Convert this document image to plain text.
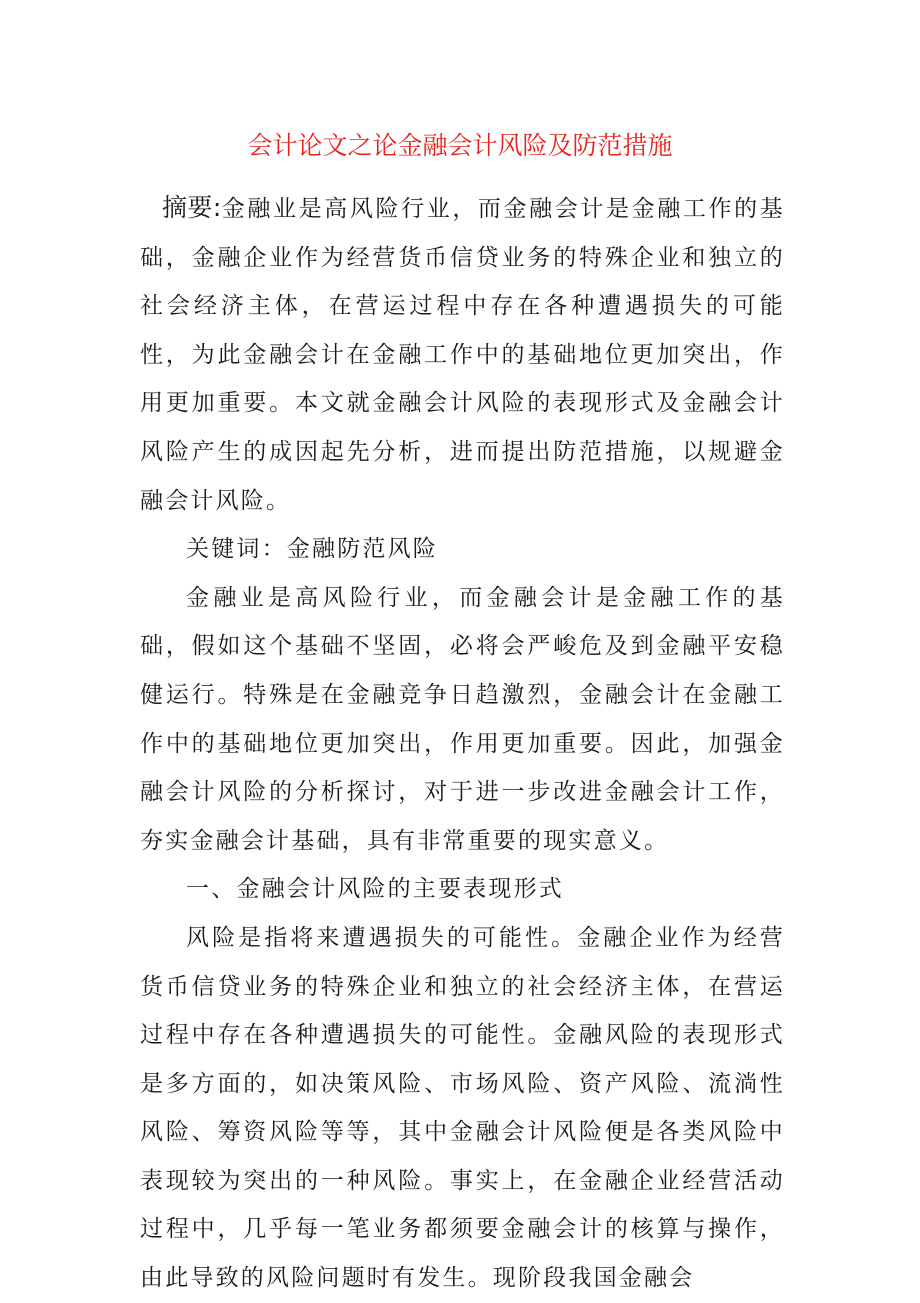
会计论文之论金融会计风险及防范措施

摘要:金融业是高风险行业，而金融会计是金融工作的基础，金融企业作为经营货币信贷业务的特殊企业和独立的社会经济主体，在营运过程中存在各种遭遇损失的可能性，为此金融会计在金融工作中的基础地位更加突出，作用更加重要。本文就金融会计风险的表现形式及金融会计风险产生的成因起先分析，进而提出防范措施，以规避金融会计风险。

关键词：金融防范风险

金融业是高风险行业，而金融会计是金融工作的基础，假如这个基础不坚固，必将会严峻危及到金融平安稳健运行。特殊是在金融竞争日趋激烈，金融会计在金融工作中的基础地位更加突出，作用更加重要。因此，加强金融会计风险的分析探讨，对于进一步改进金融会计工作，夯实金融会计基础，具有非常重要的现实意义。

一、金融会计风险的主要表现形式

风险是指将来遭遇损失的可能性。金融企业作为经营货币信贷业务的特殊企业和独立的社会经济主体，在营运过程中存在各种遭遇损失的可能性。金融风险的表现形式是多方面的，如决策风险、市场风险、资产风险、流淌性风险、筹资风险等等，其中金融会计风险便是各类风险中表现较为突出的一种风险。事实上，在金融企业经营活动过程中，几乎每一笔业务都须要金融会计的核算与操作，由此导致的风险问题时有发生。现阶段我国金融会
